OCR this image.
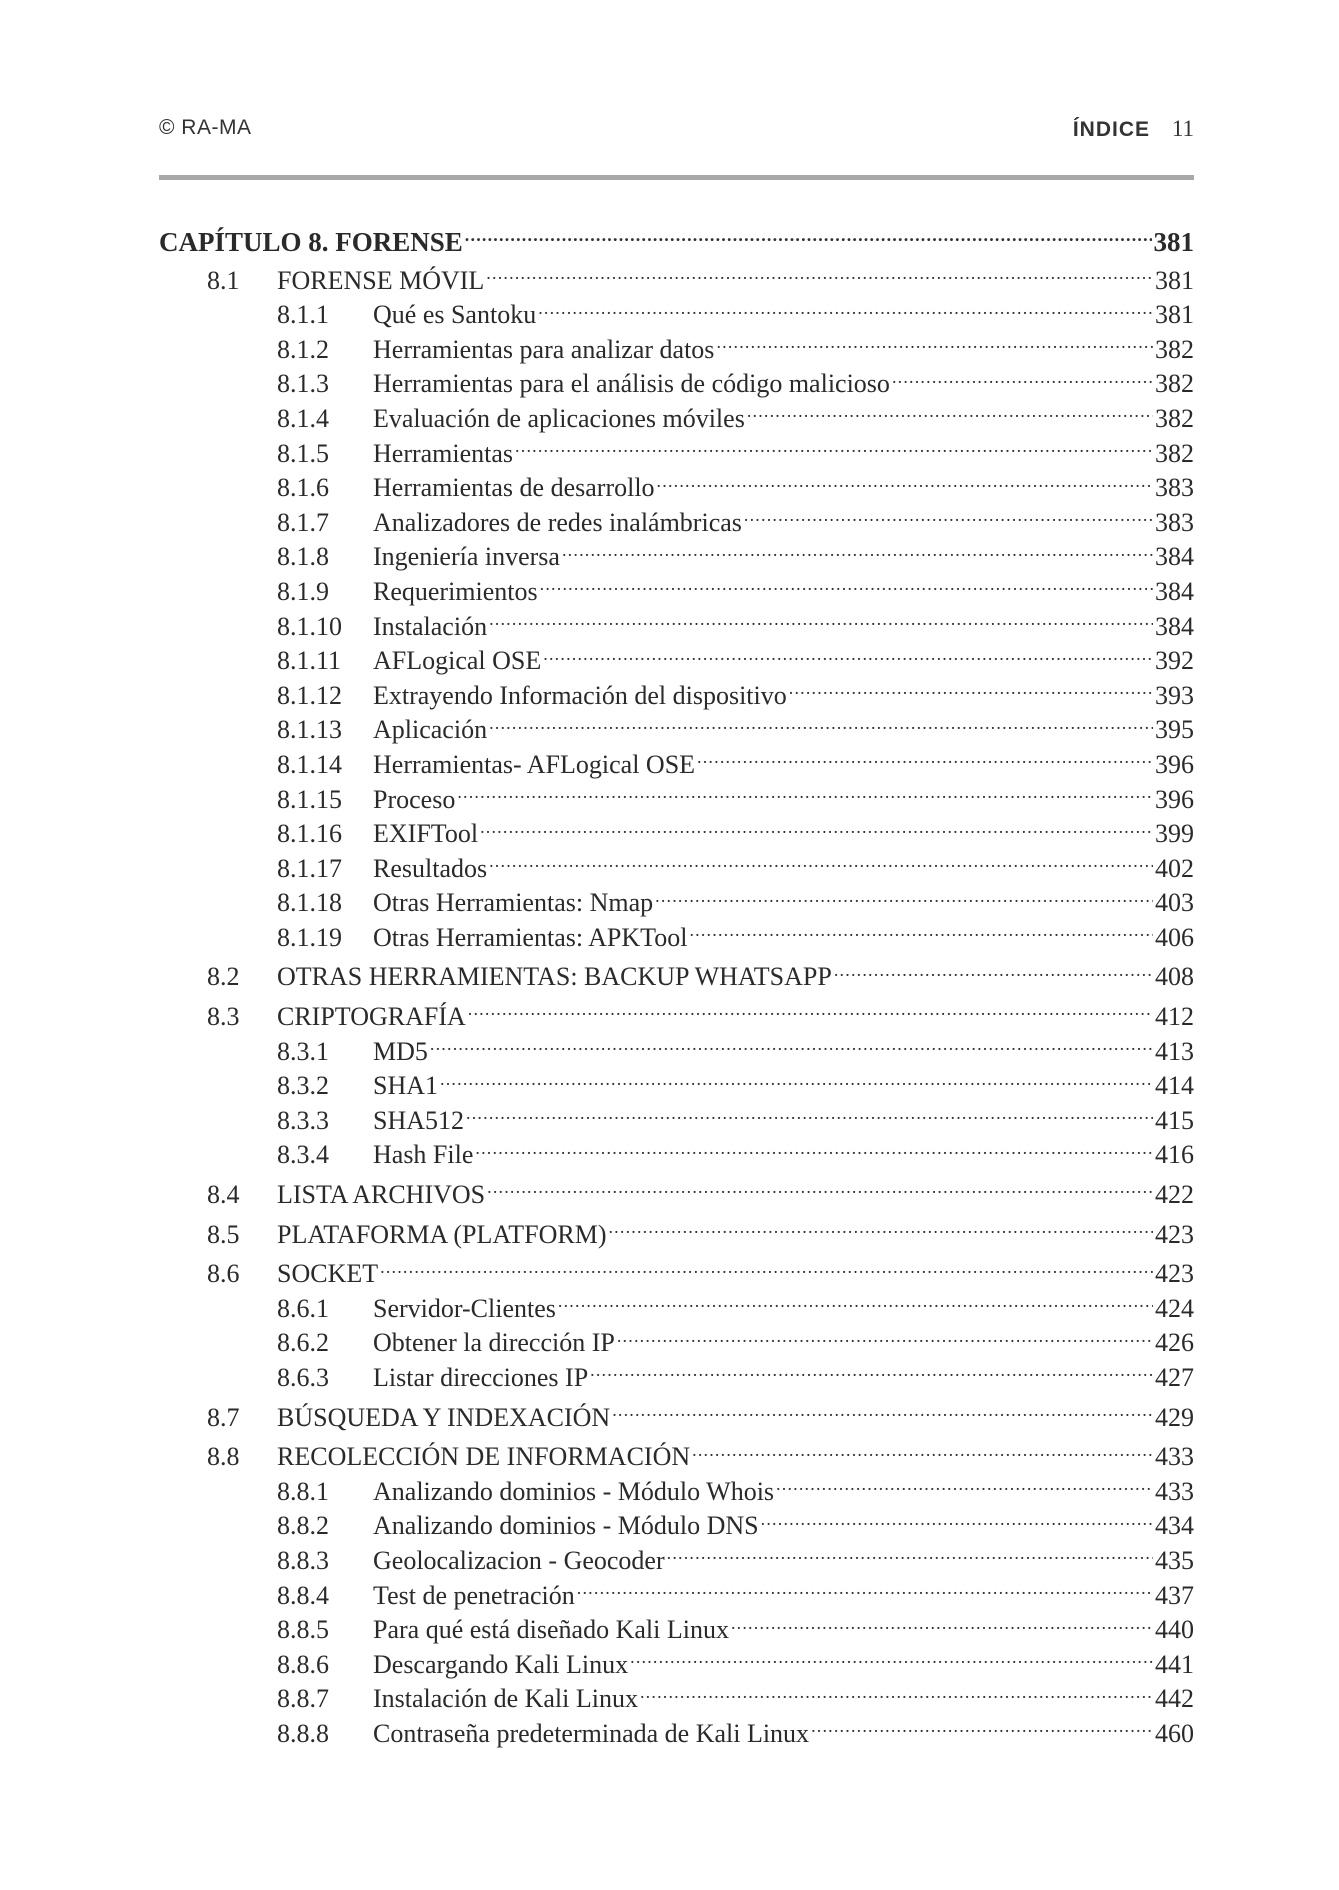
© RA-MA	ÍNDICE 11
CAPÍTULO 8. FORENSE .....	381
8.1	FORENSE MÓVIL .....	381
8.1.1	Qué es Santoku .....	381
8.1.2	Herramientas para analizar datos .....	382
8.1.3	Herramientas para el análisis de código malicioso .....	382
8.1.4	Evaluación de aplicaciones móviles .....	382
8.1.5	Herramientas .....	382
8.1.6	Herramientas de desarrollo .....	383
8.1.7	Analizadores de redes inalámbricas .....	383
8.1.8	Ingeniería inversa .....	384
8.1.9	Requerimientos .....	384
8.1.10	Instalación .....	384
8.1.11	AFLogical OSE .....	392
8.1.12	Extrayendo Información del dispositivo .....	393
8.1.13	Aplicación .....	395
8.1.14	Herramientas- AFLogical OSE .....	396
8.1.15	Proceso .....	396
8.1.16	EXIFTool .....	399
8.1.17	Resultados .....	402
8.1.18	Otras Herramientas: Nmap .....	403
8.1.19	Otras Herramientas: APKTool .....	406
8.2	OTRAS HERRAMIENTAS: BACKUP WHATSAPP .....	408
8.3	CRIPTOGRAFÍA .....	412
8.3.1	MD5 .....	413
8.3.2	SHA1 .....	414
8.3.3	SHA512 .....	415
8.3.4	Hash File .....	416
8.4	LISTA ARCHIVOS .....	422
8.5	PLATAFORMA (PLATFORM) .....	423
8.6	SOCKET .....	423
8.6.1	Servidor-Clientes .....	424
8.6.2	Obtener la dirección IP .....	426
8.6.3	Listar direcciones IP .....	427
8.7	BÚSQUEDA Y INDEXACIÓN .....	429
8.8	RECOLECCIÓN DE INFORMACIÓN .....	433
8.8.1	Analizando dominios - Módulo Whois .....	433
8.8.2	Analizando dominios - Módulo DNS .....	434
8.8.3	Geolocalizacion - Geocoder .....	435
8.8.4	Test de penetración .....	437
8.8.5	Para qué está diseñado Kali Linux .....	440
8.8.6	Descargando Kali Linux .....	441
8.8.7	Instalación de Kali Linux .....	442
8.8.8	Contraseña predeterminada de Kali Linux .....	460
